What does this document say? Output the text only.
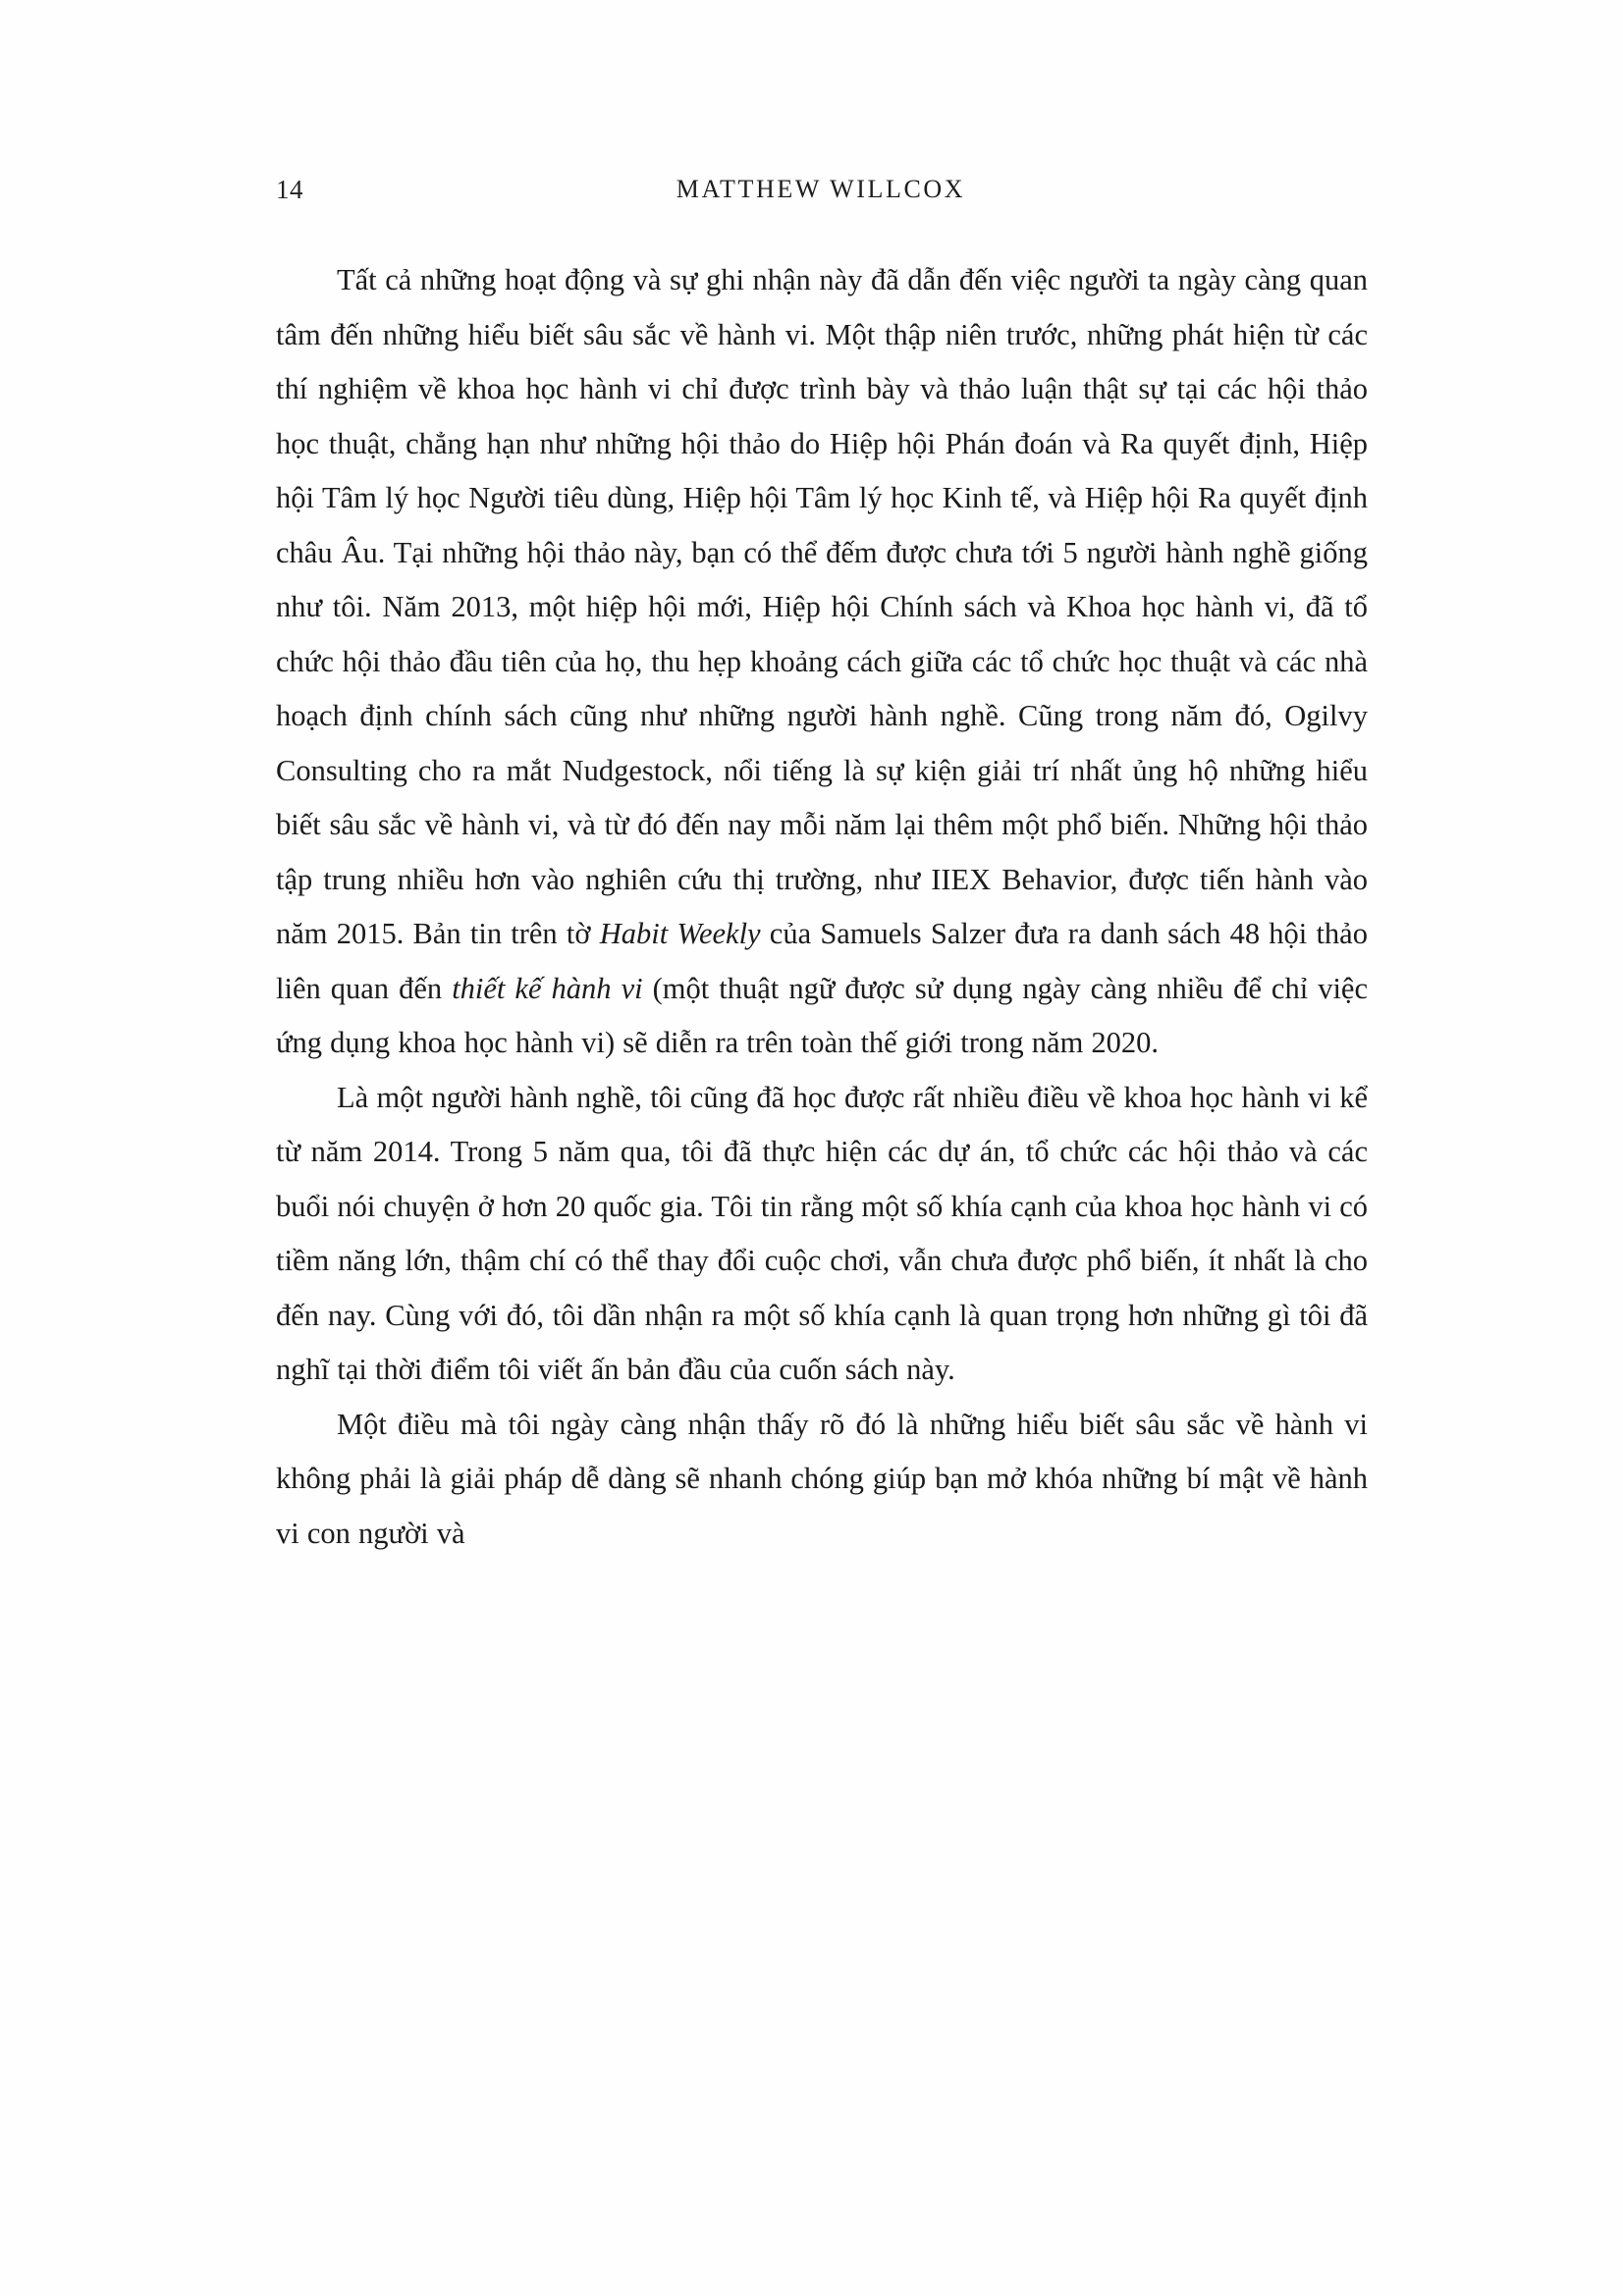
14	MATTHEW WILLCOX

Tất cả những hoạt động và sự ghi nhận này đã dẫn đến việc người ta ngày càng quan tâm đến những hiểu biết sâu sắc về hành vi. Một thập niên trước, những phát hiện từ các thí nghiệm về khoa học hành vi chỉ được trình bày và thảo luận thật sự tại các hội thảo học thuật, chẳng hạn như những hội thảo do Hiệp hội Phán đoán và Ra quyết định, Hiệp hội Tâm lý học Người tiêu dùng, Hiệp hội Tâm lý học Kinh tế, và Hiệp hội Ra quyết định châu Âu. Tại những hội thảo này, bạn có thể đếm được chưa tới 5 người hành nghề giống như tôi. Năm 2013, một hiệp hội mới, Hiệp hội Chính sách và Khoa học hành vi, đã tổ chức hội thảo đầu tiên của họ, thu hẹp khoảng cách giữa các tổ chức học thuật và các nhà hoạch định chính sách cũng như những người hành nghề. Cũng trong năm đó, Ogilvy Consulting cho ra mắt Nudgestock, nổi tiếng là sự kiện giải trí nhất ủng hộ những hiểu biết sâu sắc về hành vi, và từ đó đến nay mỗi năm lại thêm một phổ biến. Những hội thảo tập trung nhiều hơn vào nghiên cứu thị trường, như IIEX Behavior, được tiến hành vào năm 2015. Bản tin trên tờ Habit Weekly của Samuels Salzer đưa ra danh sách 48 hội thảo liên quan đến thiết kế hành vi (một thuật ngữ được sử dụng ngày càng nhiều để chỉ việc ứng dụng khoa học hành vi) sẽ diễn ra trên toàn thế giới trong năm 2020.

Là một người hành nghề, tôi cũng đã học được rất nhiều điều về khoa học hành vi kể từ năm 2014. Trong 5 năm qua, tôi đã thực hiện các dự án, tổ chức các hội thảo và các buổi nói chuyện ở hơn 20 quốc gia. Tôi tin rằng một số khía cạnh của khoa học hành vi có tiềm năng lớn, thậm chí có thể thay đổi cuộc chơi, vẫn chưa được phổ biến, ít nhất là cho đến nay. Cùng với đó, tôi dần nhận ra một số khía cạnh là quan trọng hơn những gì tôi đã nghĩ tại thời điểm tôi viết ấn bản đầu của cuốn sách này.

Một điều mà tôi ngày càng nhận thấy rõ đó là những hiểu biết sâu sắc về hành vi không phải là giải pháp dễ dàng sẽ nhanh chóng giúp bạn mở khóa những bí mật về hành vi con người và
